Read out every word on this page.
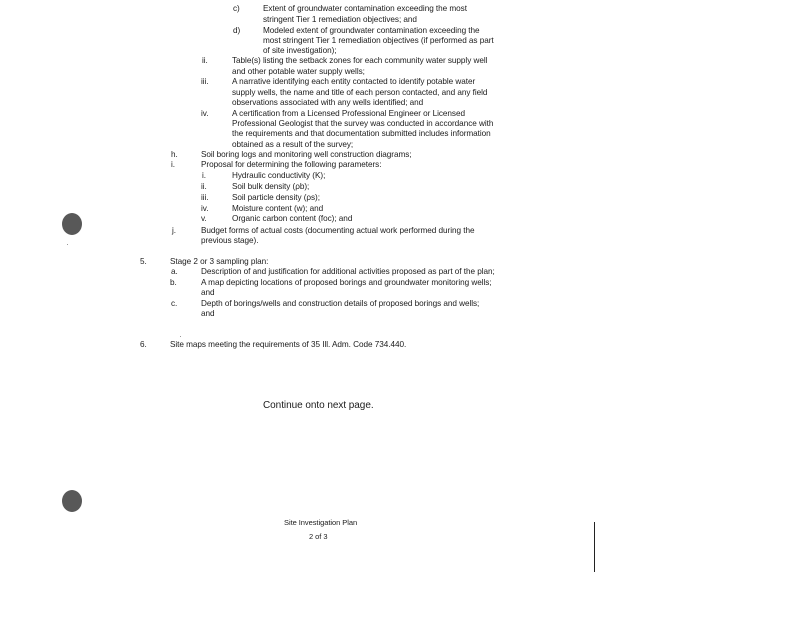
c)	Extent of groundwater contamination exceeding the most
stringent Tier 1 remediation objectives; and
d)	Modeled extent of groundwater contamination exceeding the
most stringent Tier 1 remediation objectives (if performed as part
of site investigation);
ii.	Table(s) listing the setback zones for each community water supply well
and other potable water supply wells;
iii.	A narrative identifying each entity contacted to identify potable water
supply wells, the name and title of each person contacted, and any field
observations associated with any wells identified; and
iv.	A certification from a Licensed Professional Engineer or Licensed
Professional Geologist that the survey was conducted in accordance with
the requirements and that documentation submitted includes information
obtained as a result of the survey;
h.	Soil boring logs and monitoring well construction diagrams;
i.	Proposal for determining the following parameters:
i.	Hydraulic conductivity (K);
ii.	Soil bulk density (ρb);
iii.	Soil particle density (ρs);
iv.	Moisture content (w); and
v.	Organic carbon content (foc); and
j.	Budget forms of actual costs (documenting actual work performed during the
previous stage).
5.	Stage 2 or 3 sampling plan:
a.	Description of and justification for additional activities proposed as part of the plan;
b.	A map depicting locations of proposed borings and groundwater monitoring wells;
and
c.	Depth of borings/wells and construction details of proposed borings and wells;
and
6.	Site maps meeting the requirements of 35 Ill. Adm. Code 734.440.
Continue onto next page.
Site Investigation Plan
2 of 3
